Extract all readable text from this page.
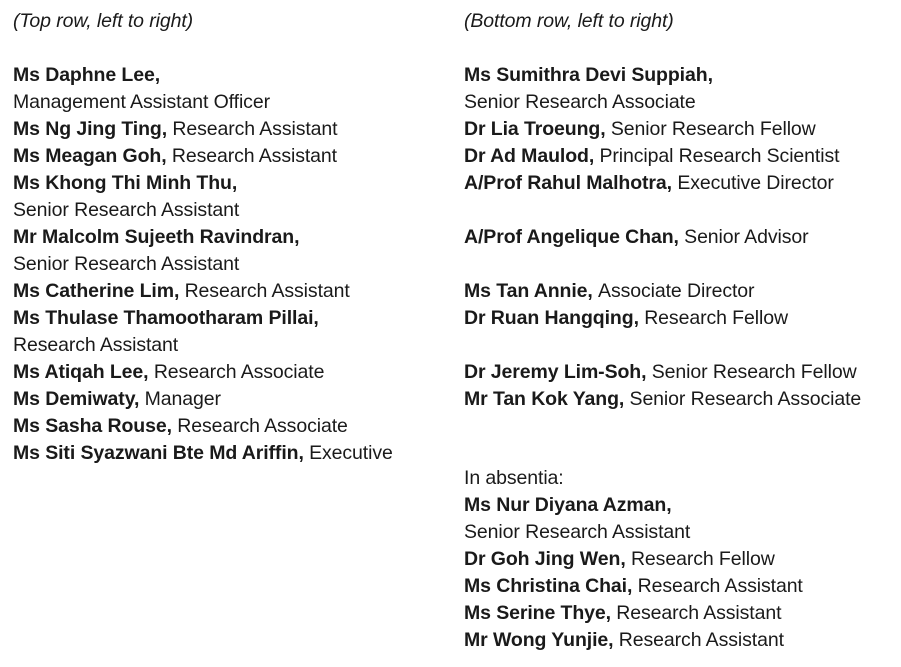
(Top row, left to right)
Ms Daphne Lee,
Management Assistant Officer
Ms Ng Jing Ting, Research Assistant
Ms Meagan Goh, Research Assistant
Ms Khong Thi Minh Thu,
Senior Research Assistant
Mr Malcolm Sujeeth Ravindran,
Senior Research Assistant
Ms Catherine Lim, Research Assistant
Ms Thulase Thamootharam Pillai,
Research Assistant
Ms Atiqah Lee, Research Associate
Ms Demiwaty, Manager
Ms Sasha Rouse, Research Associate
Ms Siti Syazwani Bte Md Ariffin, Executive
(Bottom row, left to right)
Ms Sumithra Devi Suppiah,
Senior Research Associate
Dr Lia Troeung, Senior Research Fellow
Dr Ad Maulod, Principal Research Scientist
A/Prof Rahul Malhotra, Executive Director
A/Prof Angelique Chan, Senior Advisor
Ms Tan Annie, Associate Director
Dr Ruan Hangqing, Research Fellow
Dr Jeremy Lim-Soh, Senior Research Fellow
Mr Tan Kok Yang, Senior Research Associate
In absentia:
Ms Nur Diyana Azman,
Senior Research Assistant
Dr Goh Jing Wen, Research Fellow
Ms Christina Chai, Research Assistant
Ms Serine Thye, Research Assistant
Mr Wong Yunjie, Research Assistant
